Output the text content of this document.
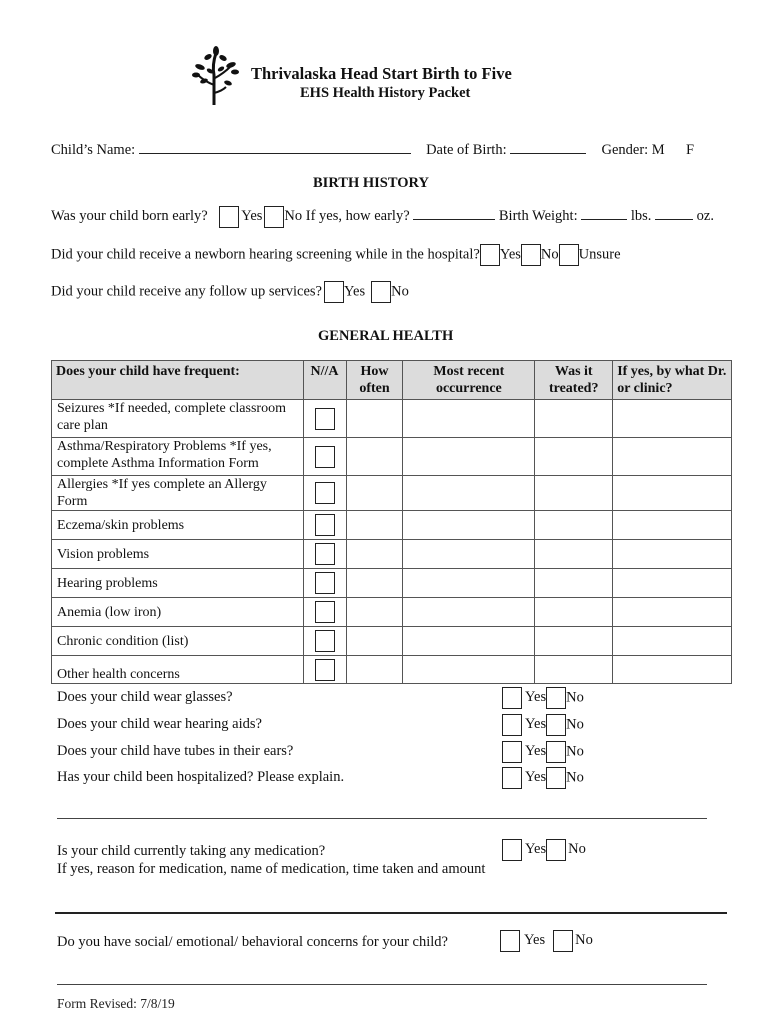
Thrivalaska Head Start Birth to Five
EHS Health History Packet
Child’s Name:	Date of Birth:	Gender: M F
BIRTH HISTORY
Was your child born early? Yes No If yes, how early?	Birth Weight:	lbs.	oz.
Did your child receive a newborn hearing screening while in the hospital? Yes No Unsure
Did your child receive any follow up services? Yes No
GENERAL HEALTH
Does your child have frequent:	N//A	How often	Most recent occurrence	Was it treated?	If yes, by what Dr. or clinic?
Seizures *If needed, complete classroom care plan					
Asthma/Respiratory Problems *If yes, complete Asthma Information Form					
Allergies *If yes complete an Allergy Form					
Eczema/skin problems					
Vision problems					
Hearing problems					
Anemia (low iron)					
Chronic condition (list)					
Other health concerns					
Does your child wear glasses?	Yes No
Does your child wear hearing aids?	Yes No
Does your child have tubes in their ears?	Yes No
Has your child been hospitalized? Please explain.	Yes No
Is your child currently taking any medication?
If yes, reason for medication, name of medication, time taken and amount
Yes No
Do you have social/ emotional/ behavioral concerns for your child?	Yes No
Form Revised: 7/8/19
